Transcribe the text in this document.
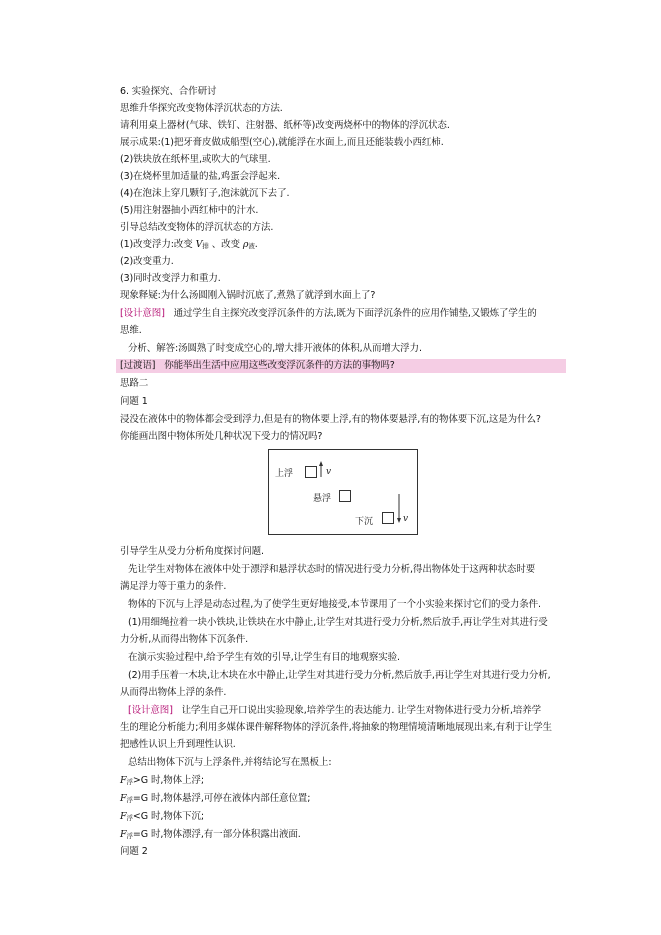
6. 实验探究、合作研讨
思维升华探究改变物体浮沉状态的方法.
请利用桌上器材(气球、铁钉、注射器、纸杯等)改变两烧杯中的物体的浮沉状态.
展示成果:(1)把牙膏皮做成船型(空心),就能浮在水面上,而且还能装载小西红柿.
(2)铁块放在纸杯里,或吹大的气球里.
(3)在烧杯里加适量的盐,鸡蛋会浮起来.
(4)在泡沫上穿几颗钉子,泡沫就沉下去了.
(5)用注射器抽小西红柿中的汁水.
引导总结改变物体的浮沉状态的方法.
(1)改变浮力:改变 $V_排$ 、改变 $\rho_液$.
(2)改变重力.
(3)同时改变浮力和重力.
现象释疑:为什么汤圆刚入锅时沉底了,煮熟了就浮到水面上了?
[设计意图] 通过学生自主探究改变浮沉条件的方法,既为下面浮沉条件的应用作铺垫,又锻炼了学生的
思维.
分析、解答:汤圆熟了时变成空心的,增大排开液体的体积,从而增大浮力.
[过渡语] 你能举出生活中应用这些改变浮沉条件的方法的事物吗?
思路二
问题 1
浸没在液体中的物体都会受到浮力,但是有的物体要上浮,有的物体要悬浮,有的物体要下沉,这是为什么?
你能画出图中物体所处几种状况下受力的情况吗?
上浮	v
悬浮
下沉	v
引导学生从受力分析角度探讨问题.
先让学生对物体在液体中处于漂浮和悬浮状态时的情况进行受力分析,得出物体处于这两种状态时要
满足浮力等于重力的条件.
物体的下沉与上浮是动态过程,为了使学生更好地接受,本节课用了一个小实验来探讨它们的受力条件.
(1)用细绳拉着一块小铁块,让铁块在水中静止,让学生对其进行受力分析,然后放手,再让学生对其进行受
力分析,从而得出物体下沉条件.
在演示实验过程中,给予学生有效的引导,让学生有目的地观察实验.
(2)用手压着一木块,让木块在水中静止,让学生对其进行受力分析,然后放手,再让学生对其进行受力分析,
从而得出物体上浮的条件.
[设计意图] 让学生自己开口说出实验现象,培养学生的表达能力. 让学生对物体进行受力分析,培养学
生的理论分析能力;利用多媒体课件解释物体的浮沉条件,将抽象的物理情境清晰地展现出来,有利于让学生
把感性认识上升到理性认识.
总结出物体下沉与上浮条件,并将结论写在黑板上:
$F_浮>G$ 时,物体上浮;
$F_浮=G$ 时,物体悬浮,可停在液体内部任意位置;
$F_浮<G$ 时,物体下沉;
$F_浮=G$ 时,物体漂浮,有一部分体积露出液面.
问题 2
